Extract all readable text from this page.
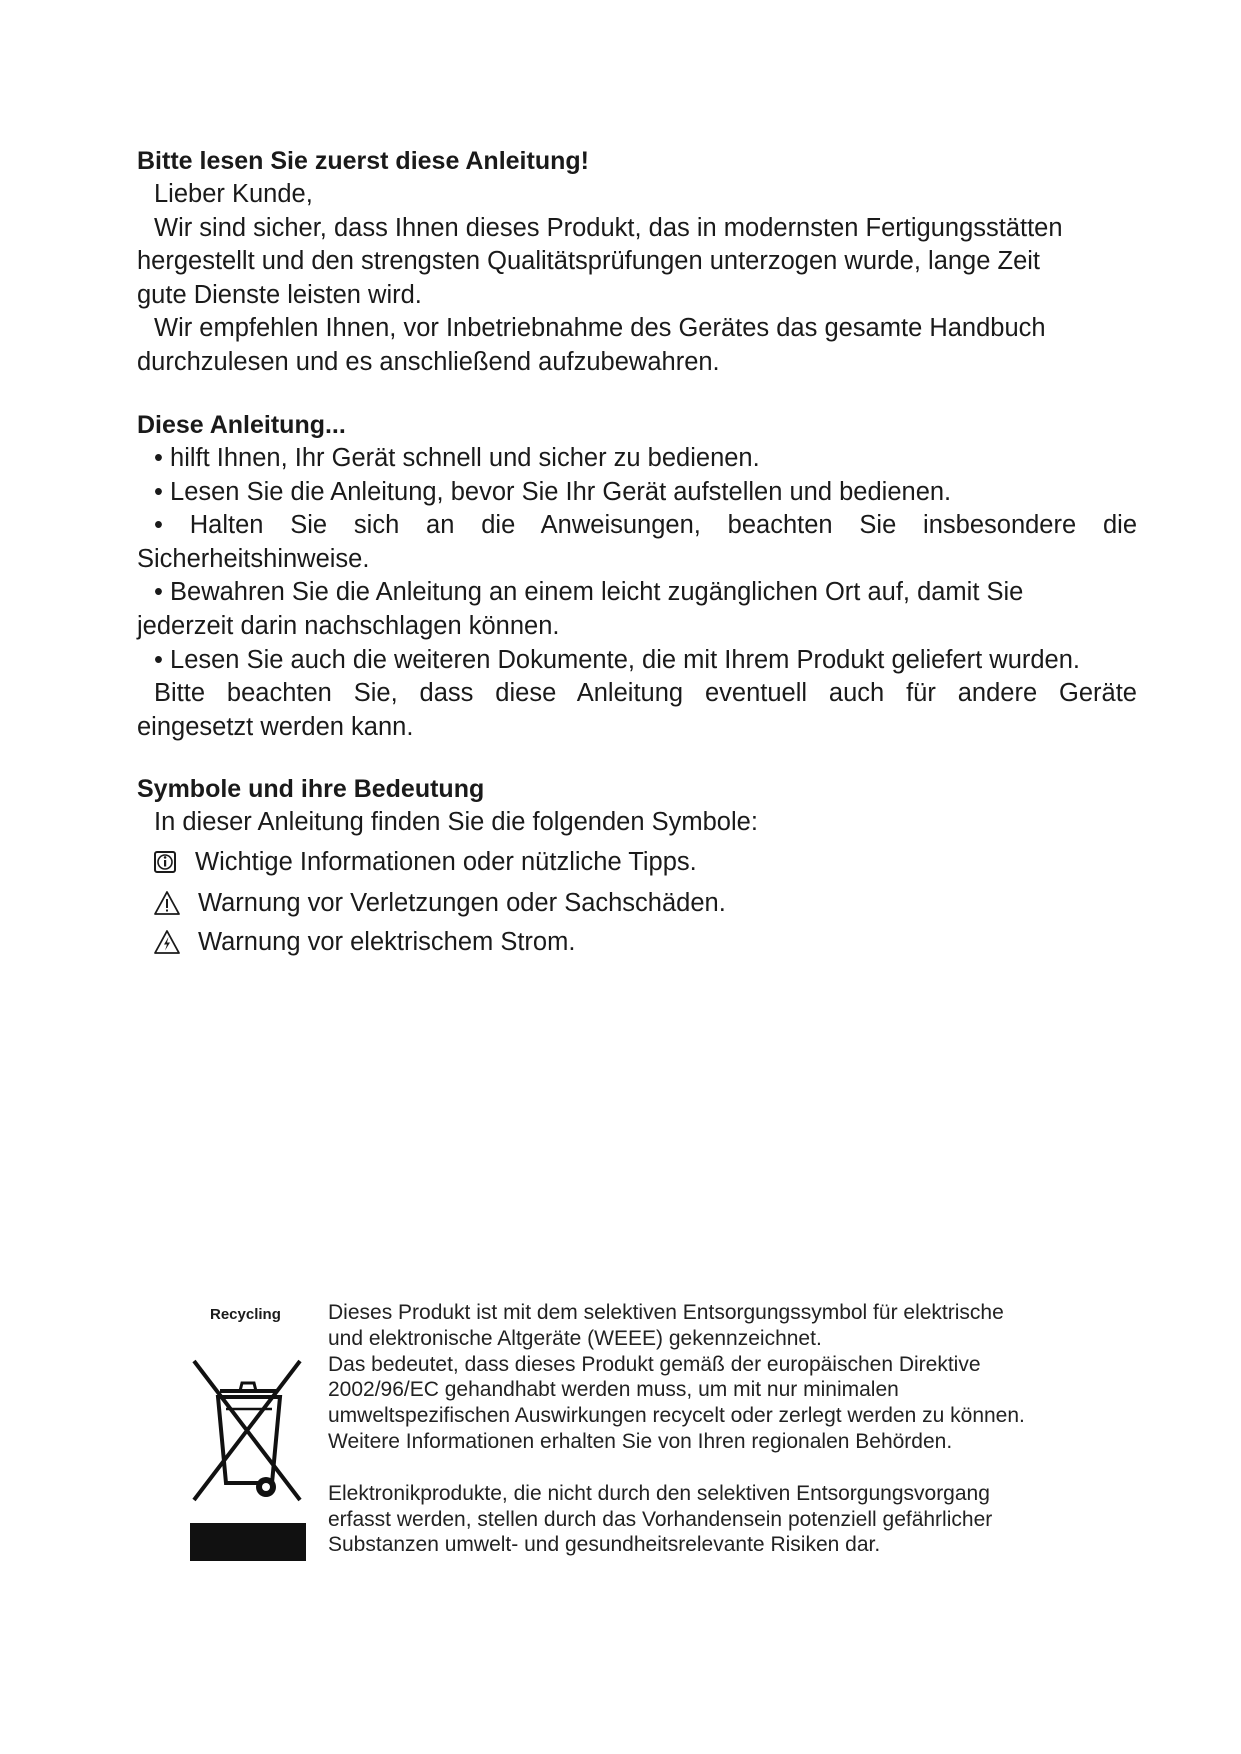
Bitte lesen Sie zuerst diese Anleitung!

Lieber Kunde,

Wir sind sicher, dass Ihnen dieses Produkt, das in modernsten Fertigungsstätten

hergestellt und den strengsten Qualitätsprüfungen unterzogen wurde, lange Zeit

gute Dienste leisten wird.

Wir empfehlen Ihnen, vor Inbetriebnahme des Gerätes das gesamte Handbuch

durchzulesen und es anschließend aufzubewahren.

Diese Anleitung...

• hilft Ihnen, Ihr Gerät schnell und sicher zu bedienen.

• Lesen Sie die Anleitung, bevor Sie Ihr Gerät aufstellen und bedienen.

• Halten Sie sich an die Anweisungen, beachten Sie insbesondere die

Sicherheitshinweise.

• Bewahren Sie die Anleitung an einem leicht zugänglichen Ort auf, damit Sie

jederzeit darin nachschlagen können.

• Lesen Sie auch die weiteren Dokumente, die mit Ihrem Produkt geliefert wurden.

Bitte beachten Sie, dass diese Anleitung eventuell auch für andere Geräte

eingesetzt werden kann.

Symbole und ihre Bedeutung

In dieser Anleitung finden Sie die folgenden Symbole:

Wichtige Informationen oder nützliche Tipps.
Warnung vor Verletzungen oder Sachschäden.
Warnung vor elektrischem Strom.
Recycling Dieses Produkt ist mit dem selektiven Entsorgungssymbol für elektrische

und elektronische Altgeräte (WEEE) gekennzeichnet.

Das bedeutet, dass dieses Produkt gemäß der europäischen Direktive

2002/96/EC gehandhabt werden muss, um mit nur minimalen

umweltspezifischen Auswirkungen recycelt oder zerlegt werden zu können.

Weitere Informationen erhalten Sie von Ihren regionalen Behörden.

Elektronikprodukte, die nicht durch den selektiven Entsorgungsvorgang

erfasst werden, stellen durch das Vorhandensein potenziell gefährlicher

Substanzen umwelt- und gesundheitsrelevante Risiken dar.
